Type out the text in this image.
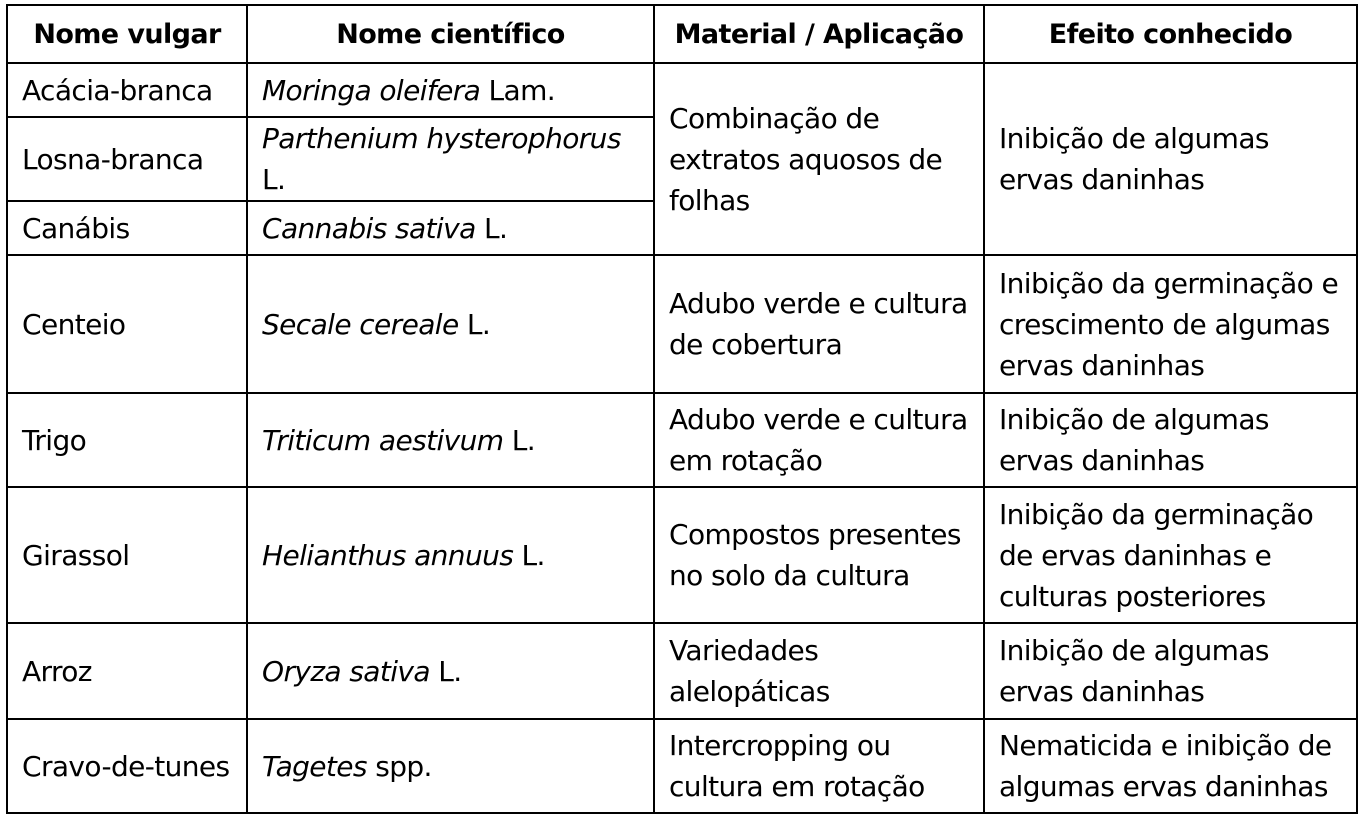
Nome vulgar	Nome científico	Material / Aplicação	Efeito conhecido
Acácia-branca	Moringa oleifera Lam.	Combinação de extratos aquosos de folhas	Inibição de algumas ervas daninhas
Losna-branca	Parthenium hysterophorus L.		
Canábis	Cannabis sativa L.		
Centeio	Secale cereale L.	Adubo verde e cultura de cobertura	Inibição da germinação e crescimento de algumas ervas daninhas
Trigo	Triticum aestivum L.	Adubo verde e cultura em rotação	Inibição de algumas ervas daninhas
Girassol	Helianthus annuus L.	Compostos presentes no solo da cultura	Inibição da germinação de ervas daninhas e culturas posteriores
Arroz	Oryza sativa L.	Variedades alelopáticas	Inibição de algumas ervas daninhas
Cravo-de-tunes	Tagetes spp.	Intercropping ou cultura em rotação	Nematicida e inibição de algumas ervas daninhas
